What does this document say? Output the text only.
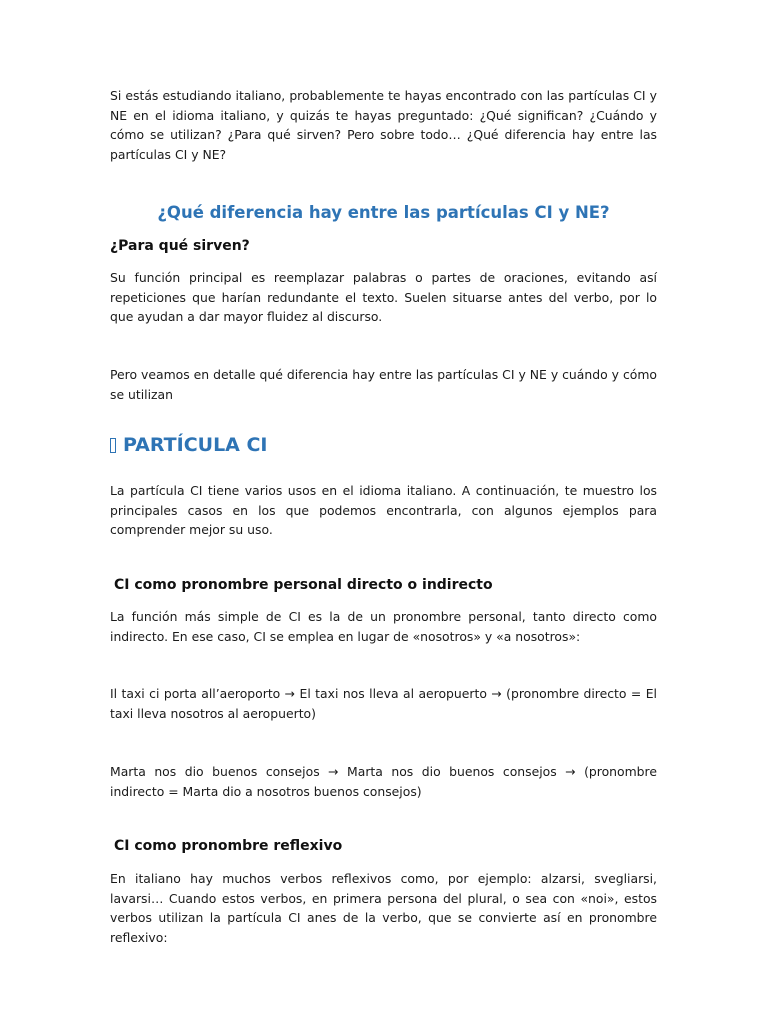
Si estás estudiando italiano, probablemente te hayas encontrado con las partículas CI y NE en el idioma italiano, y quizás te hayas preguntado: ¿Qué significan? ¿Cuándo y cómo se utilizan? ¿Para qué sirven? Pero sobre todo… ¿Qué diferencia hay entre las partículas CI y NE?

¿Qué diferencia hay entre las partículas CI y NE?
¿Para qué sirven?

Su función principal es reemplazar palabras o partes de oraciones, evitando así repeticiones que harían redundante el texto. Suelen situarse antes del verbo, por lo que ayudan a dar mayor fluidez al discurso.

Pero veamos en detalle qué diferencia hay entre las partículas CI y NE y cuándo y cómo se utilizan

PARTÍCULA CI

La partícula CI tiene varios usos en el idioma italiano. A continuación, te muestro los principales casos en los que podemos encontrarla, con algunos ejemplos para comprender mejor su uso.

CI como pronombre personal directo o indirecto

La función más simple de CI es la de un pronombre personal, tanto directo como indirecto. En ese caso, CI se emplea en lugar de «nosotros» y «a nosotros»:

Il taxi ci porta all’aeroporto → El taxi nos lleva al aeropuerto → (pronombre directo = El taxi lleva nosotros al aeropuerto)

Marta nos dio buenos consejos → Marta nos dio buenos consejos → (pronombre indirecto = Marta dio a nosotros buenos consejos)

CI como pronombre reflexivo

En italiano hay muchos verbos reflexivos como, por ejemplo: alzarsi, svegliarsi, lavarsi… Cuando estos verbos, en primera persona del plural, o sea con «noi», estos verbos utilizan la partícula CI anes de la verbo, que se convierte así en pronombre reflexivo:
